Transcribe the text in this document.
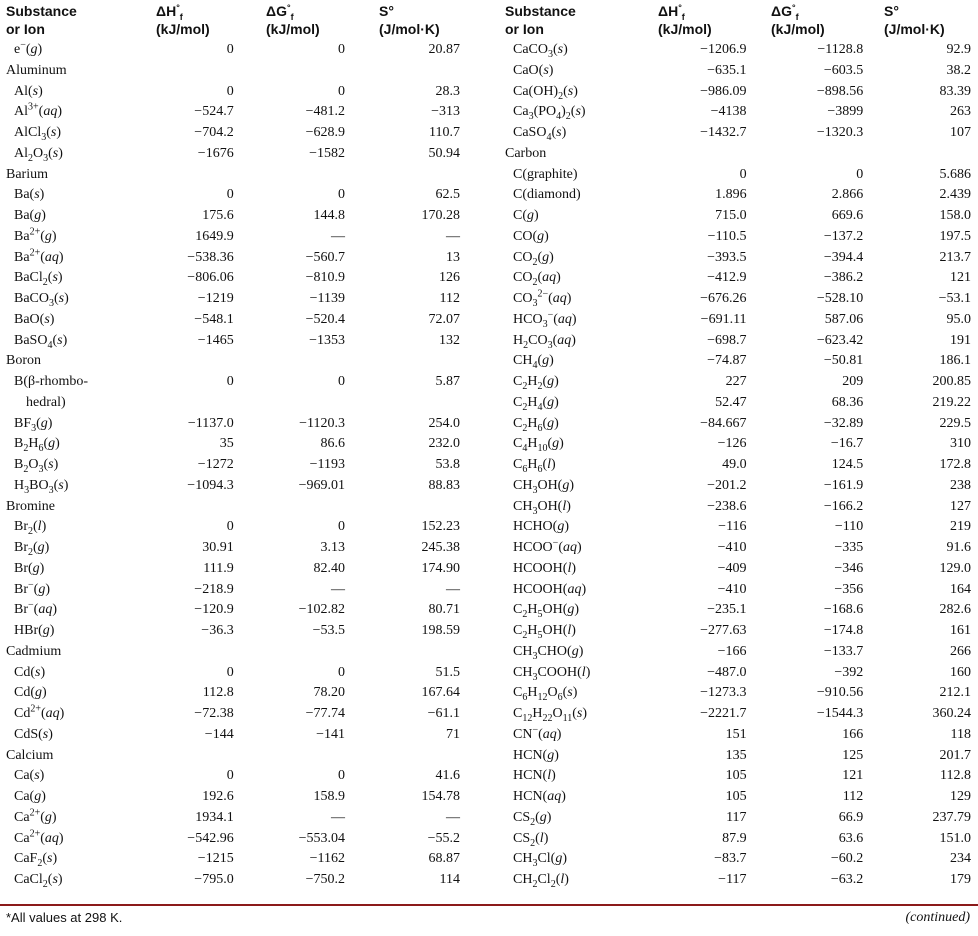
Substance
or Ion
$\Delta H^\circ_f$
(kJ/mol)
$\Delta G^\circ_f$
(kJ/mol)
S°
(J/mol·K)
e−(g)	0	0	20.87
Aluminum
Al(s)	0	0	28.3
$Al^{3+}(aq)$	−524.7	−481.2	−313
AlCl$_3$(s)	−704.2	−628.9	110.7
$Al_2O_3(s)$	−1676	−1582	50.94
Barium
Ba(s)	0	0	62.5
Ba(g)	175.6	144.8	170.28
$Ba^{2+}(g)$	1649.9	—	—
$Ba^{2+}(aq)$	−538.36	−560.7	13
BaCl$_2$(s)	−806.06	−810.9	126
BaCO$_3$(s)	−1219	−1139	112
BaO(s)	−548.1	−520.4	72.07
BaSO$_4$(s)	−1465	−1353	132
Boron
B(β-rhombo-	0	0	5.87
hedral)
$BF_3(g)$	−1137.0	−1120.3	254.0
$B_2H_6(g)$	35	86.6	232.0
$B_2O_3(s)$	−1272	−1193	53.8
$H_3BO_3(s)$	−1094.3	−969.01	88.83
Bromine
$Br_2(l)$	0	0	152.23
$Br_2(g)$	30.91	3.13	245.38
Br(g)	111.9	82.40	174.90
Br−(g)	−218.9	—	—
Br−(aq)	−120.9	−102.82	80.71
HBr(g)	−36.3	−53.5	198.59
Cadmium
Cd(s)	0	0	51.5
Cd(g)	112.8	78.20	167.64
$Cd^{2+}(aq)$	−72.38	−77.74	−61.1
CdS(s)	−144	−141	71
Calcium
Ca(s)	0	0	41.6
Ca(g)	192.6	158.9	154.78
$Ca^{2+}(g)$	1934.1	—	—
$Ca^{2+}(aq)$	−542.96	−553.04	−55.2
CaF$_2$(s)	−1215	−1162	68.87
CaCl$_2$(s)	−795.0	−750.2	114
Substance
or Ion
$\Delta H^\circ_f$
(kJ/mol)
$\Delta G^\circ_f$
(kJ/mol)
S°
(J/mol·K)
CaCO$_3$(s)	−1206.9	−1128.8	92.9
CaO(s)	−635.1	−603.5	38.2
$Ca(OH)_2(s)$	−986.09	−898.56	83.39
$Ca_3(PO_4)_2(s)$	−4138	−3899	263
CaSO$_4$(s)	−1432.7	−1320.3	107
Carbon
C(graphite)	0	0	5.686
C(diamond)	1.896	2.866	2.439
C(g)	715.0	669.6	158.0
CO(g)	−110.5	−137.2	197.5
$CO_2(g)$	−393.5	−394.4	213.7
$CO_2(aq)$	−412.9	−386.2	121
$CO_3^{2-}(aq)$	−676.26	−528.10	−53.1
$HCO_3^-(aq)$	−691.11	587.06	95.0
$H_2CO_3(aq)$	−698.7	−623.42	191
$CH_4(g)$	−74.87	−50.81	186.1
$C_2H_2(g)$	227	209	200.85
$C_2H_4(g)$	52.47	68.36	219.22
$C_2H_6(g)$	−84.667	−32.89	229.5
$C_4H_{10}(g)$	−126	−16.7	310
$C_6H_6(l)$	49.0	124.5	172.8
$CH_3OH(g)$	−201.2	−161.9	238
$CH_3OH(l)$	−238.6	−166.2	127
HCHO(g)	−116	−110	219
HCOO−(aq)	−410	−335	91.6
HCOOH(l)	−409	−346	129.0
HCOOH(aq)	−410	−356	164
$C_2H_5OH(g)$	−235.1	−168.6	282.6
$C_2H_5OH(l)$	−277.63	−174.8	161
$CH_3CHO(g)$	−166	−133.7	266
$CH_3COOH(l)$	−487.0	−392	160
$C_6H_{12}O_6(s)$	−1273.3	−910.56	212.1
$C_{12}H_{22}O_{11}(s)$	−2221.7	−1544.3	360.24
CN−(aq)	151	166	118
HCN(g)	135	125	201.7
HCN(l)	105	121	112.8
HCN(aq)	105	112	129
$CS_2(g)$	117	66.9	237.79
$CS_2(l)$	87.9	63.6	151.0
$CH_3Cl(g)$	−83.7	−60.2	234
$CH_2Cl_2(l)$	−117	−63.2	179
*All values at 298 K.	(continued)
